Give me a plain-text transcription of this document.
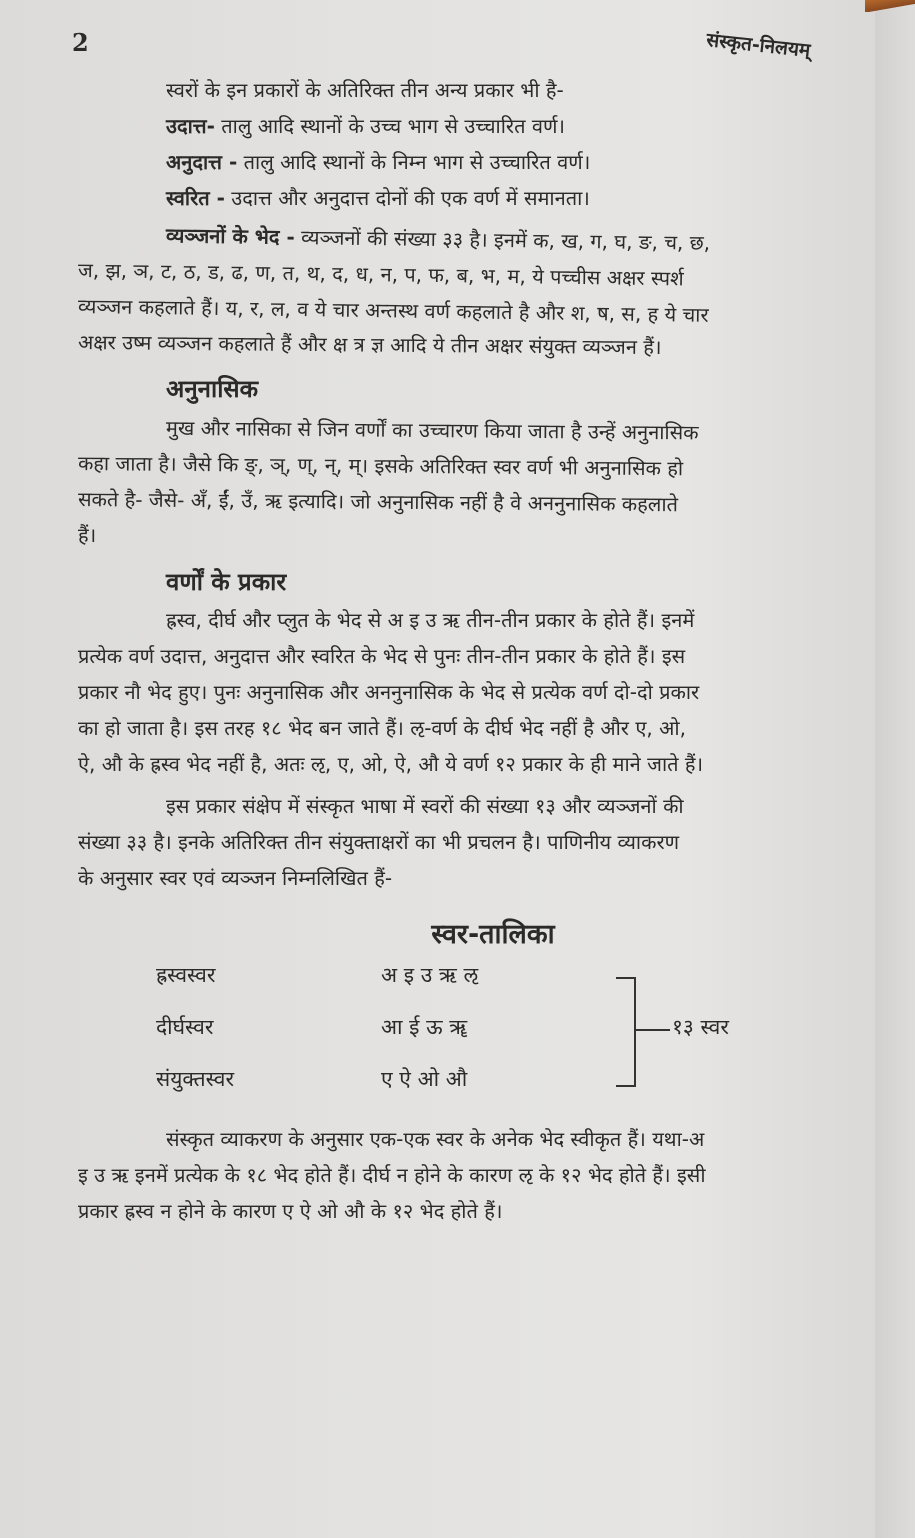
2	संस्कृत-निलयम्

स्वरों के इन प्रकारों के अतिरिक्त तीन अन्य प्रकार भी है-

उदात्त- तालु आदि स्थानों के उच्च भाग से उच्चारित वर्ण।

अनुदात्त - तालु आदि स्थानों के निम्न भाग से उच्चारित वर्ण।

स्वरित - उदात्त और अनुदात्त दोनों की एक वर्ण में समानता।

व्यञ्जनों के भेद - व्यञ्जनों की संख्या ३३ है। इनमें क, ख, ग, घ, ङ, च, छ,

ज, झ, ञ, ट, ठ, ड, ढ, ण, त, थ, द, ध, न, प, फ, ब, भ, म, ये पच्चीस अक्षर स्पर्श

व्यञ्जन कहलाते हैं। य, र, ल, व ये चार अन्तस्थ वर्ण कहलाते है और श, ष, स, ह ये चार

अक्षर उष्म व्यञ्जन कहलाते हैं और क्ष त्र ज्ञ आदि ये तीन अक्षर संयुक्त व्यञ्जन हैं।

अनुनासिक

मुख और नासिका से जिन वर्णों का उच्चारण किया जाता है उन्हें अनुनासिक

कहा जाता है। जैसे कि ङ्, ञ्, ण्, न्, म्। इसके अतिरिक्त स्वर वर्ण भी अनुनासिक हो

सकते है- जैसे- अँ, ईं, उँ, ऋ इत्यादि। जो अनुनासिक नहीं है वे अननुनासिक कहलाते

हैं।

वर्णों के प्रकार

ह्रस्व, दीर्घ और प्लुत के भेद से अ इ उ ऋ तीन-तीन प्रकार के होते हैं। इनमें

प्रत्येक वर्ण उदात्त, अनुदात्त और स्वरित के भेद से पुनः तीन-तीन प्रकार के होते हैं। इस

प्रकार नौ भेद हुए। पुनः अनुनासिक और अननुनासिक के भेद से प्रत्येक वर्ण दो-दो प्रकार

का हो जाता है। इस तरह १८ भेद बन जाते हैं। ऌ-वर्ण के दीर्घ भेद नहीं है और ए, ओ,

ऐ, औ के ह्रस्व भेद नहीं है, अतः ऌ, ए, ओ, ऐ, औ ये वर्ण १२ प्रकार के ही माने जाते हैं।

इस प्रकार संक्षेप में संस्कृत भाषा में स्वरों की संख्या १३ और व्यञ्जनों की

संख्या ३३ है। इनके अतिरिक्त तीन संयुक्ताक्षरों का भी प्रचलन है। पाणिनीय व्याकरण

के अनुसार स्वर एवं व्यञ्जन निम्नलिखित हैं-

स्वर-तालिका
ह्रस्वस्वर	अ इ उ ऋ ऌ
दीर्घस्वर	आ ई ऊ ॠ
संयुक्तस्वर	ए ऐ ओ औ
१३ स्वर

संस्कृत व्याकरण के अनुसार एक-एक स्वर के अनेक भेद स्वीकृत हैं। यथा-अ

इ उ ऋ इनमें प्रत्येक के १८ भेद होते हैं। दीर्घ न होने के कारण ऌ के १२ भेद होते हैं। इसी

प्रकार ह्रस्व न होने के कारण ए ऐ ओ औ के १२ भेद होते हैं।
